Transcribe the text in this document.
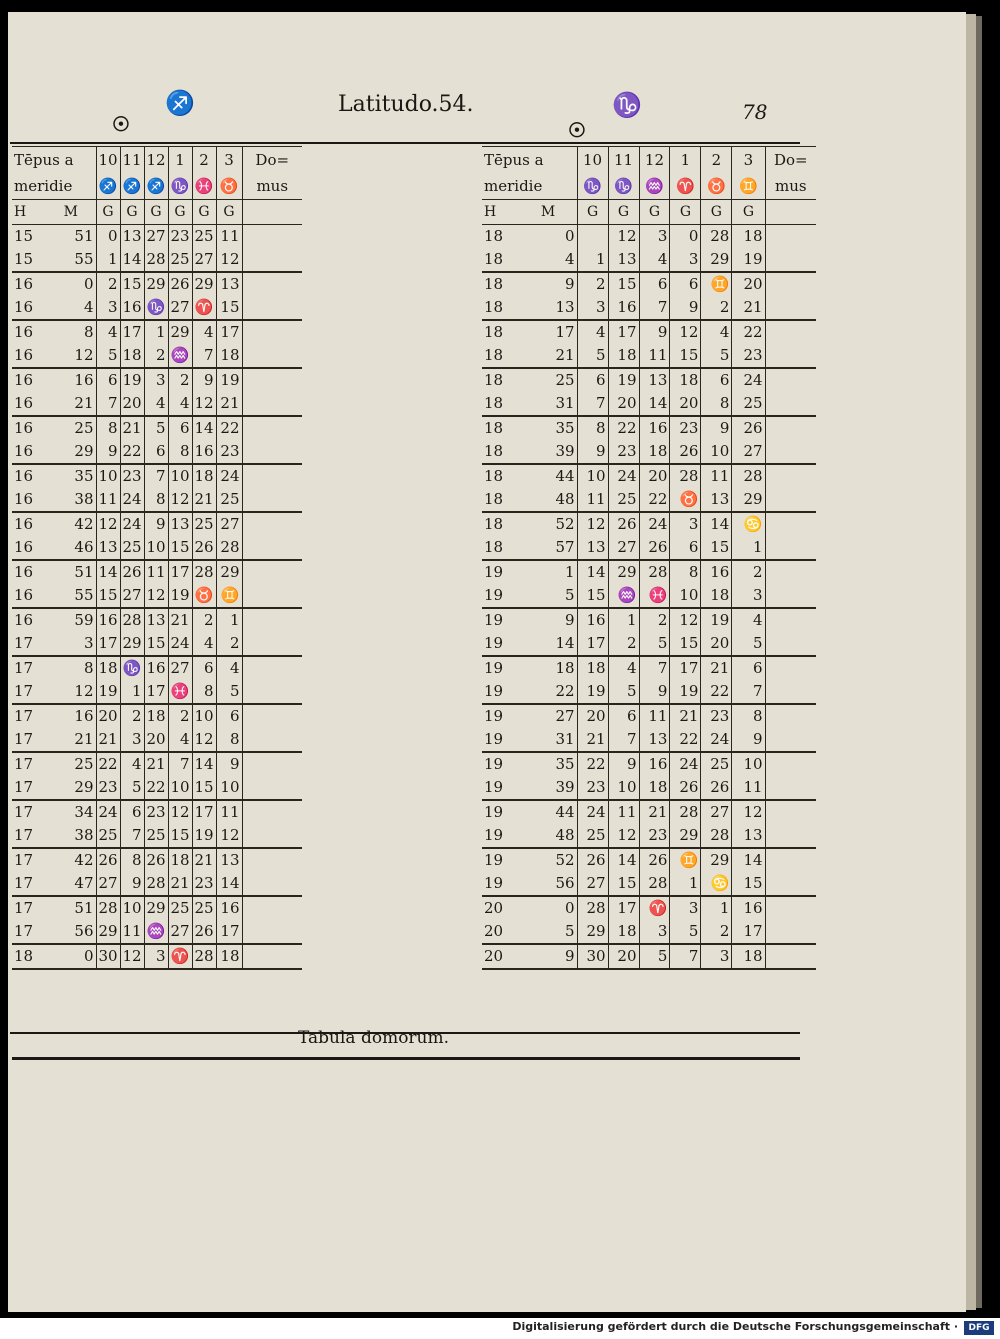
♐	Latitudo.54.	♑	78
☉	☉
Tēpus a		10	11	12	1	2	3	Do=
meridie		♐	♐	♐	♑	♓	♉	mus
H	M	G	G	G	G	G	G	
15	51	0	13	27	23	25	11	
15	55	1	14	28	25	27	12	
16	0	2	15	29	26	29	13	
16	4	3	16	♑	27	♈	15	
16	8	4	17	1	29	4	17	
16	12	5	18	2	♒	7	18	
16	16	6	19	3	2	9	19	
16	21	7	20	4	4	12	21	
16	25	8	21	5	6	14	22	
16	29	9	22	6	8	16	23	
16	35	10	23	7	10	18	24	
16	38	11	24	8	12	21	25	
16	42	12	24	9	13	25	27	
16	46	13	25	10	15	26	28	
16	51	14	26	11	17	28	29	
16	55	15	27	12	19	♉	♊	
16	59	16	28	13	21	2	1	
17	3	17	29	15	24	4	2	
17	8	18	♑	16	27	6	4	
17	12	19	1	17	♓	8	5	
17	16	20	2	18	2	10	6	
17	21	21	3	20	4	12	8	
17	25	22	4	21	7	14	9	
17	29	23	5	22	10	15	10	
17	34	24	6	23	12	17	11	
17	38	25	7	25	15	19	12	
17	42	26	8	26	18	21	13	
17	47	27	9	28	21	23	14	
17	51	28	10	29	25	25	16	
17	56	29	11	♒	27	26	17	
18	0	30	12	3	♈	28	18	
Tēpus a		10	11	12	1	2	3	Do=
meridie		♑	♑	♒	♈	♉	♊	mus
H	M	G	G	G	G	G	G	
18	0		12	3	0	28	18	
18	4	1	13	4	3	29	19	
18	9	2	15	6	6	♊	20	
18	13	3	16	7	9	2	21	
18	17	4	17	9	12	4	22	
18	21	5	18	11	15	5	23	
18	25	6	19	13	18	6	24	
18	31	7	20	14	20	8	25	
18	35	8	22	16	23	9	26	
18	39	9	23	18	26	10	27	
18	44	10	24	20	28	11	28	
18	48	11	25	22	♉	13	29	
18	52	12	26	24	3	14	♋	
18	57	13	27	26	6	15	1	
19	1	14	29	28	8	16	2	
19	5	15	♒	♓	10	18	3	
19	9	16	1	2	12	19	4	
19	14	17	2	5	15	20	5	
19	18	18	4	7	17	21	6	
19	22	19	5	9	19	22	7	
19	27	20	6	11	21	23	8	
19	31	21	7	13	22	24	9	
19	35	22	9	16	24	25	10	
19	39	23	10	18	26	26	11	
19	44	24	11	21	28	27	12	
19	48	25	12	23	29	28	13	
19	52	26	14	26	♊	29	14	
19	56	27	15	28	1	♋	15	
20	0	28	17	♈	3	1	16	
20	5	29	18	3	5	2	17	
20	9	30	20	5	7	3	18	
Tabula domorum.
Digitalisierung gefördert durch die Deutsche Forschungsgemeinschaft ·	DFG
